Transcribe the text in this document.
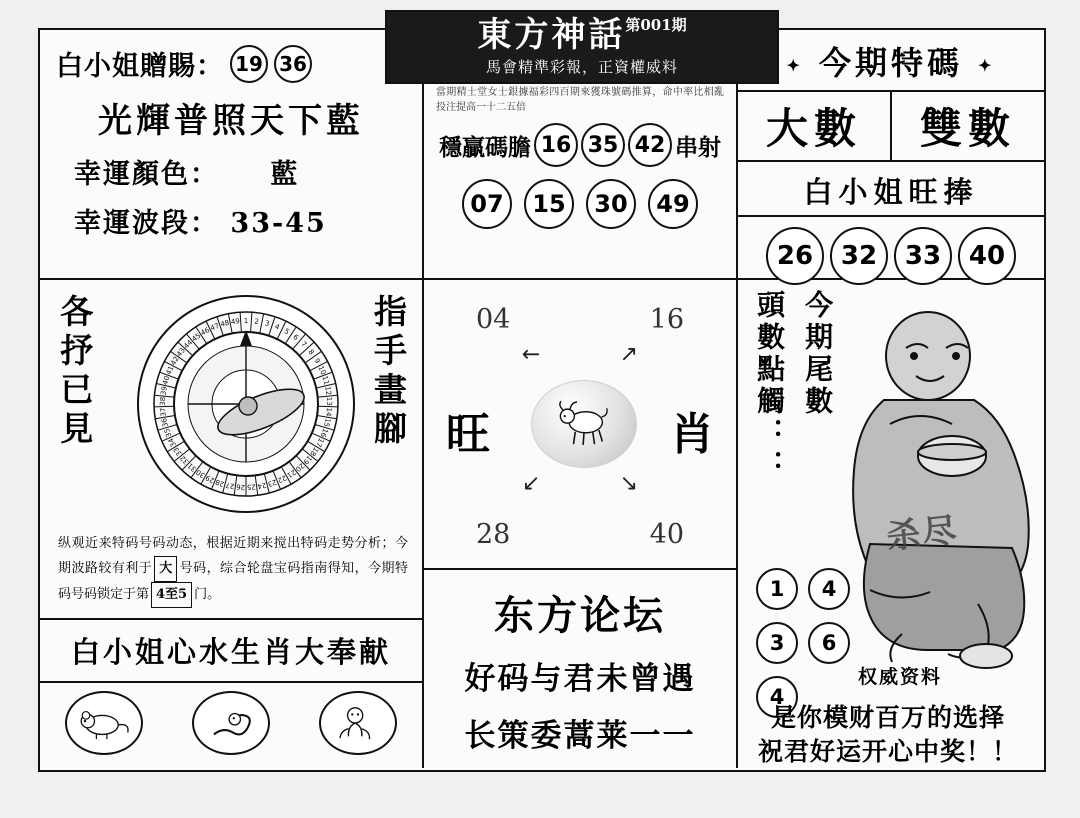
東方神話$^{第001期}$
馬會精準彩報，正資權威料
白小姐贈賜： 19 36
光輝普照天下藍
幸運顏色： 藍
幸運波段： 33-45
當期精士堂女士銀據福彩四百期來獲珠號碼推算，命中率比相亂投注提高一十二五倍
穩贏碼膽 16 35 42 串射
07	15	30	49
✦ 今期特碼 ✦
大數	雙數
白小姐旺捧
26	32	33	40
各抒已見	指手畫腳
1 2 3 4
5
6
7
8
9
10
11
12
13
14
15
16
17
18
19
20
21
22
23
24
25
26
27
28
29
30
31
32
33
34
35
36
37
38
39
40
41
42
43
44
45
46
47 48 49
纵观近来特码号码动态，根据近期来搅出特码走势分析；今期波路较有利于 大 号码，综合轮盘宝码指南得知，今期特码号码锁定于第 4至5 门。
白小姐心水生肖大奉献
04	16
旺	肖
↖	↗
↙	↘
28	40
东方论坛
好码与君未曾遇
长策委蒿莱一一
杀尽
頭數點觸：： 今期尾數
1	4
3	6
4
权威资料
是你模财百万的选择
祝君好运开心中奖！！
